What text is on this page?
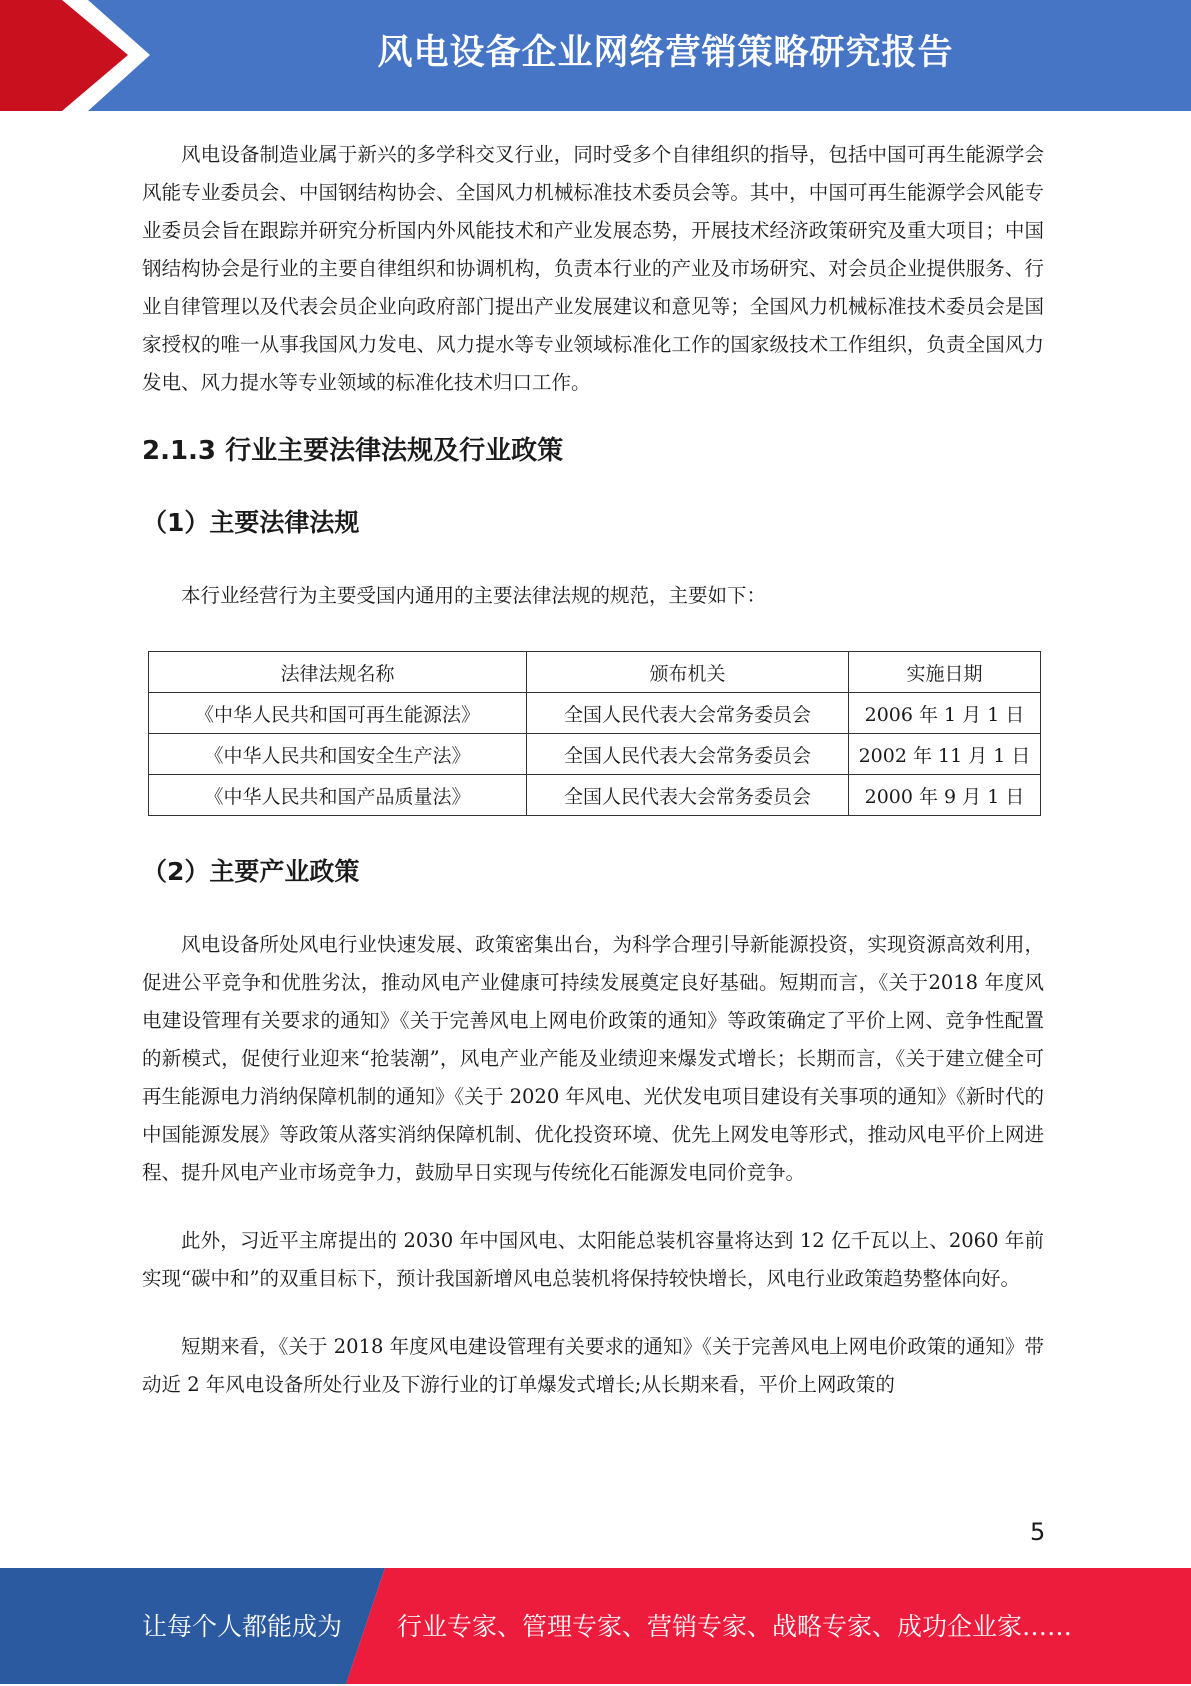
风电设备企业网络营销策略研究报告

风电设备制造业属于新兴的多学科交叉行业，同时受多个自律组织的指导，包括中国可再生能源学会风能专业委员会、中国钢结构协会、全国风力机械标准技术委员会等。其中，中国可再生能源学会风能专业委员会旨在跟踪并研究分析国内外风能技术和产业发展态势，开展技术经济政策研究及重大项目；中国钢结构协会是行业的主要自律组织和协调机构，负责本行业的产业及市场研究、对会员企业提供服务、行业自律管理以及代表会员企业向政府部门提出产业发展建议和意见等；全国风力机械标准技术委员会是国家授权的唯一从事我国风力发电、风力提水等专业领域标准化工作的国家级技术工作组织，负责全国风力发电、风力提水等专业领域的标准化技术归口工作。

2.1.3 行业主要法律法规及行业政策
（1）主要法律法规

本行业经营行为主要受国内通用的主要法律法规的规范，主要如下：

法律法规名称	颁布机关	实施日期
《中华人民共和国可再生能源法》	全国人民代表大会常务委员会	2006 年 1 月 1 日
《中华人民共和国安全生产法》	全国人民代表大会常务委员会	2002 年 11 月 1 日
《中华人民共和国产品质量法》	全国人民代表大会常务委员会	2000 年 9 月 1 日
（2）主要产业政策

风电设备所处风电行业快速发展、政策密集出台，为科学合理引导新能源投资，实现资源高效利用，促进公平竞争和优胜劣汰，推动风电产业健康可持续发展奠定良好基础。短期而言，《关于2018 年度风电建设管理有关要求的通知》《关于完善风电上网电价政策的通知》等政策确定了平价上网、竞争性配置的新模式，促使行业迎来“抢装潮”，风电产业产能及业绩迎来爆发式增长；长期而言，《关于建立健全可再生能源电力消纳保障机制的通知》《关于 2020 年风电、光伏发电项目建设有关事项的通知》《新时代的中国能源发展》等政策从落实消纳保障机制、优化投资环境、优先上网发电等形式，推动风电平价上网进程、提升风电产业市场竞争力，鼓励早日实现与传统化石能源发电同价竞争。

此外，习近平主席提出的 2030 年中国风电、太阳能总装机容量将达到 12 亿千瓦以上、2060 年前实现“碳中和”的双重目标下，预计我国新增风电总装机将保持较快增长，风电行业政策趋势整体向好。

短期来看，《关于 2018 年度风电建设管理有关要求的通知》《关于完善风电上网电价政策的通知》带动近 2 年风电设备所处行业及下游行业的订单爆发式增长;从长期来看，平价上网政策的

5
让每个人都能成为 行业专家、管理专家、营销专家、战略专家、成功企业家……
